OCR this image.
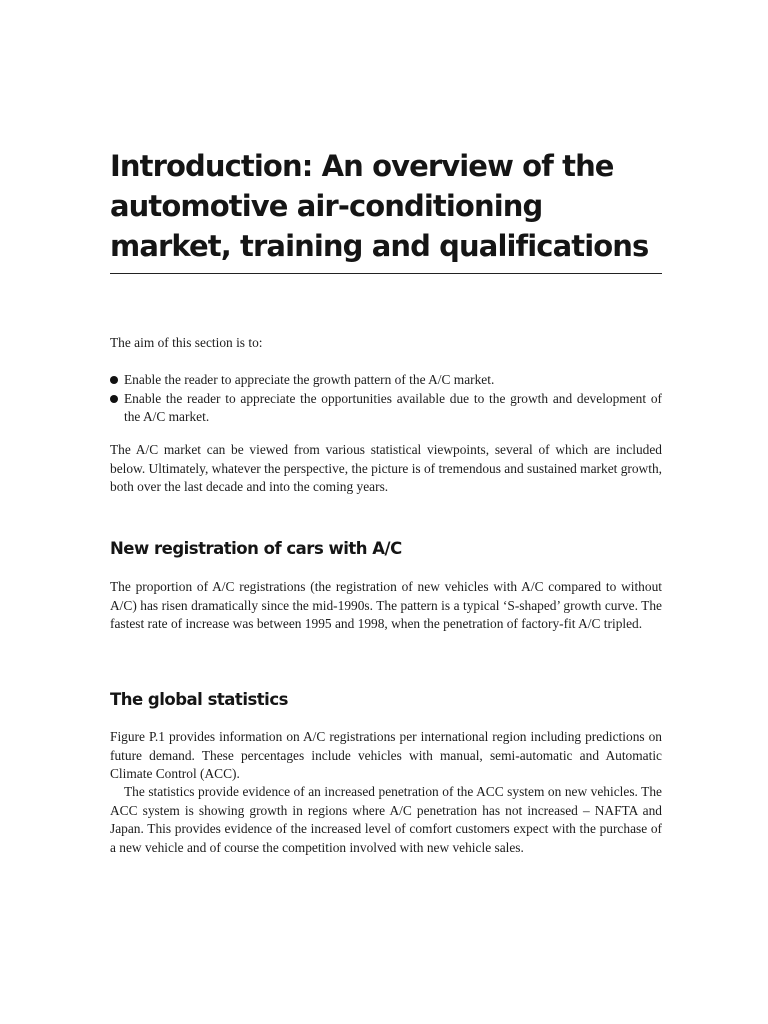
Introduction: An overview of the automotive air-conditioning market, training and qualifications

The aim of this section is to:

Enable the reader to appreciate the growth pattern of the A/C market.
Enable the reader to appreciate the opportunities available due to the growth and development of the A/C market.

The A/C market can be viewed from various statistical viewpoints, several of which are included below. Ultimately, whatever the perspective, the picture is of tremendous and sustained market growth, both over the last decade and into the coming years.

New registration of cars with A/C

The proportion of A/C registrations (the registration of new vehicles with A/C compared to without A/C) has risen dramatically since the mid-1990s. The pattern is a typical ‘S-shaped’ growth curve. The fastest rate of increase was between 1995 and 1998, when the penetration of factory-fit A/C tripled.

The global statistics

Figure P.1 provides information on A/C registrations per international region including predictions on future demand. These percentages include vehicles with manual, semi-automatic and Automatic Climate Control (ACC).

The statistics provide evidence of an increased penetration of the ACC system on new vehicles. The ACC system is showing growth in regions where A/C penetration has not increased – NAFTA and Japan. This provides evidence of the increased level of comfort customers expect with the purchase of a new vehicle and of course the competition involved with new vehicle sales.
